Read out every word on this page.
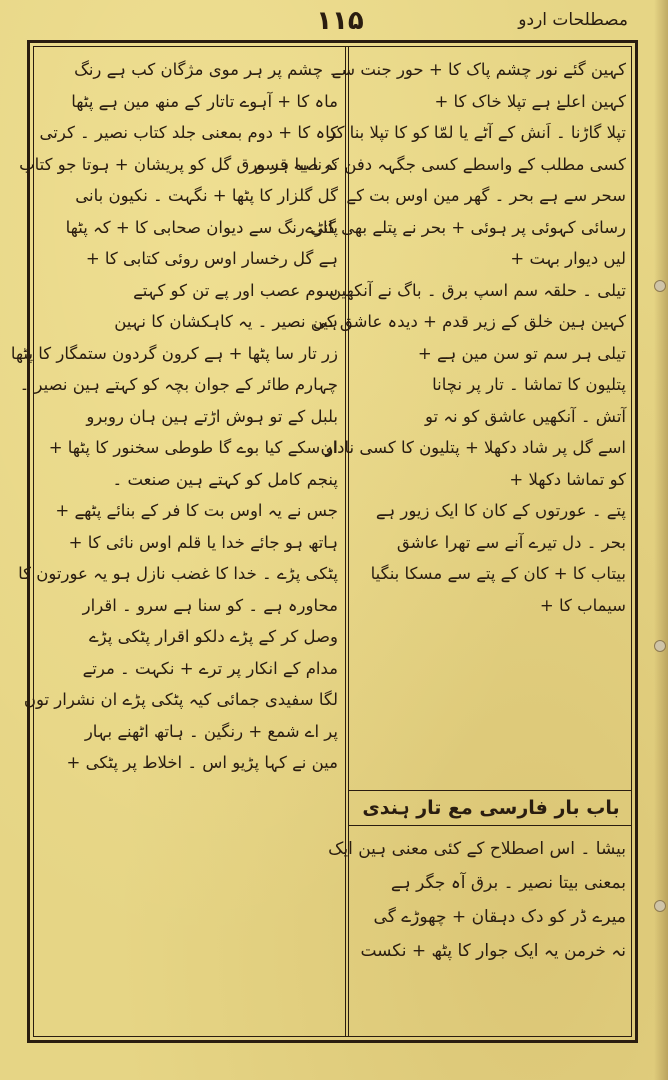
مصطلحات اردو
۱۱۵
کہین گئے نور چشم پاک کا + حور جنت سے
کہین اعلےٰ ہے تپلا خاک کا +
تپلا گاڑنا ۔ اَنش کے آٹے یا لمّا کو کا تپلا بنا کر
کسی مطلب کے واسطے کسی جگہہ دفن کرنا یہ قسم
سحر سے ہے بحر ۔ گھر مین اوس بت کے
رسائی کہوئی پر ہوئی + بحر نے پتلے بھی گاڑے
لیں دیوار بہت +
تیلی ۔ حلقہ سم اسپ برق ۔ باگ نے آنکھیں
کہین ہین خلق کے زیر قدم + دیدہ عاشق کی
تیلی ہر سم تو سن مین ہے +
پتلیون کا تماشا ۔ تار پر نچانا
آتش ۔ آنکھیں عاشق کو نہ تو
اسے گل پر شاد دکھلا + پتلیون کا کسی نادان
کو تماشا دکھلا +
پتے ۔ عورتوں کے کان کا ایک زیور ہے
بحر ۔ دل تیرے آنے سے تھرا عاشق
بیتاب کا + کان کے پتے سے مسکا بنگیا
سیماب کا +
باب بار فارسی مع تار ہندی
بیشا ۔ اس اصطلاح کے کئی معنی ہین ایک
بمعنی بیتا نصیر ۔ برق آہ جگر ہے
میرے ڈر کو دک دہقان + چھوڑے گی
نہ خرمن یہ ایک جوار کا پٹھ + نکست
۔ چشم پر ہر موی مژگان کب ہے رنگ
ماہ کا + آہوے تاتار کے منھ مین ہے پٹھا
کاہ کا + دوم بمعنی جلد کتاب نصیر ۔ کرتی
نہ صبا ہر ورق گل کو پریشان + ہوتا جو کتاب
گل گلزار کا پٹھا + نگہت ۔ نکیون بانی
پانی رنگ سے دیوان صحابی کا + کہ پٹھا
ہے گل رخسار اوس روئی کتابی کا +
سوم عصب اور پے تن کو کہتے
ہین نصیر ۔ یہ کاہکشان کا نہین
زر تار سا پٹھا + ہے کرون گردون ستمگار کا پٹھا
چہارم طائر کے جوان بچہ کو کہتے ہین نصیر ۔
بلبل کے تو ہوش اڑتے ہین ہان روبرو
او سکے کیا بوے گا طوطی سخنور کا پٹھا +
پنجم کامل کو کہتے ہین صنعت ۔
جس نے یہ اوس بت کا فر کے بنائے پٹھے +
ہاتھ ہو جائے خدا یا قلم اوس نائی کا +
پٹکی پڑے ۔ خدا کا غضب نازل ہو یہ عورتون کا
محاورہ ہے ۔ کو سنا ہے سرو ۔ اقرار
وصل کر کے پڑے دلکو اقرار پٹکی پڑے
مدام کے انکار پر ترے + نکہت ۔ مرتے
لگا سفیدی جمائی کیہ پٹکی پڑے ان نشرار تون
پر اے شمع + رنگین ۔ ہاتھ اٹھنے بہار
مین نے کہا پڑیو اس ۔ اخلاط پر پٹکی +
